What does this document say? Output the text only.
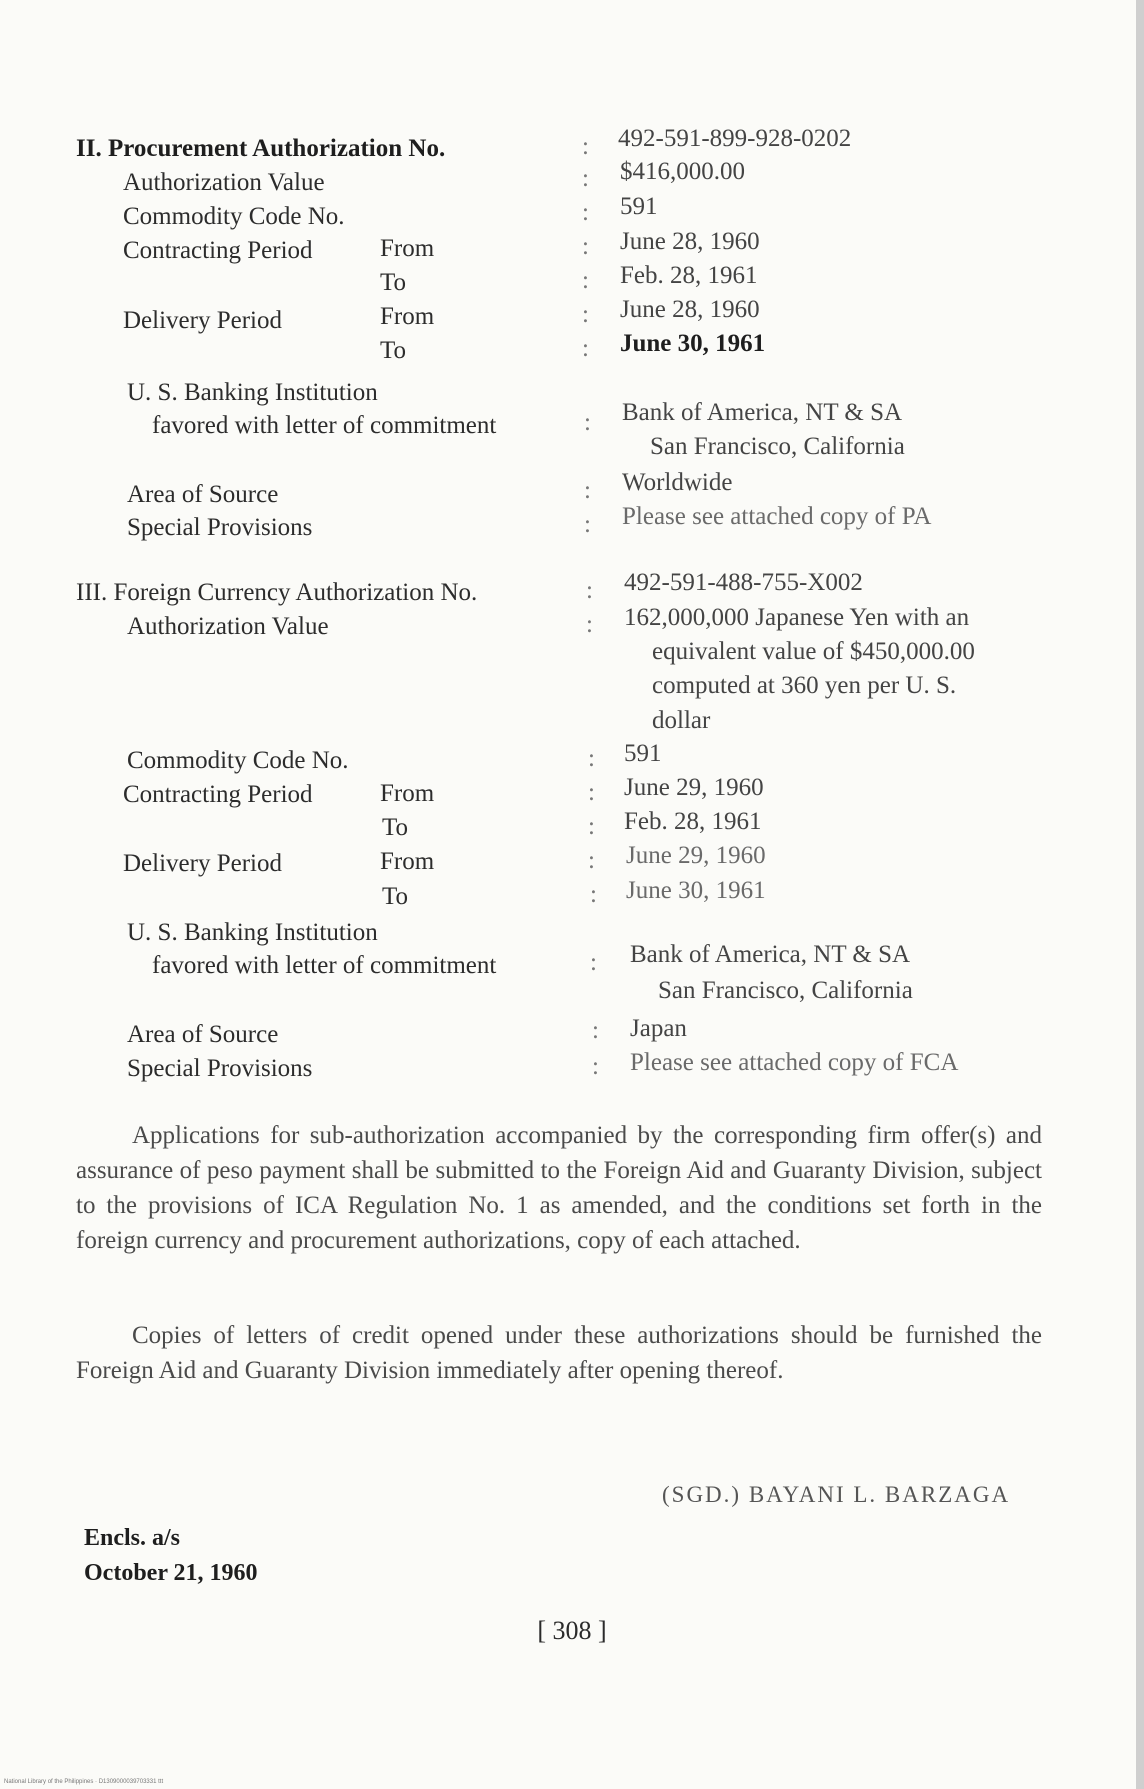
II. Procurement Authorization No.	: 492-591-899-928-0202
Authorization Value	: $416,000.00
Commodity Code No.	: 591
Contracting Period	From	: June 28, 1960
To	: Feb. 28, 1961
Delivery Period	From	: June 28, 1960
To	: June 30, 1961
U. S. Banking Institution
favored with letter of commitment	: Bank of America, NT & SA
San Francisco, California
Area of Source	: Worldwide
Special Provisions	: Please see attached copy of PA
III. Foreign Currency Authorization No.	: 492-591-488-755-X002
Authorization Value	: 162,000,000 Japanese Yen with an
equivalent value of $450,000.00
computed at 360 yen per U. S.
dollar
Commodity Code No.	: 591
Contracting Period	From	: June 29, 1960
To	: Feb. 28, 1961
Delivery Period	From	: June 29, 1960
To	: June 30, 1961
U. S. Banking Institution
favored with letter of commitment	: Bank of America, NT & SA
San Francisco, California
Area of Source	: Japan
Special Provisions	: Please see attached copy of FCA
Applications for sub-authorization accompanied by the corresponding firm offer(s) and assurance of peso payment shall be submitted to the Foreign Aid and Guaranty Division, subject to the provisions of ICA Regulation No. 1 as amended, and the conditions set forth in the foreign currency and procurement authorizations, copy of each attached.
Copies of letters of credit opened under these authorizations should be furnished the Foreign Aid and Guaranty Division immediately after opening thereof.
(SGD.) BAYANI L. BARZAGA
Encls. a/s
October 21, 1960
[ 308 ]
National Library of the Philippines · D1309000039703331 ttt
